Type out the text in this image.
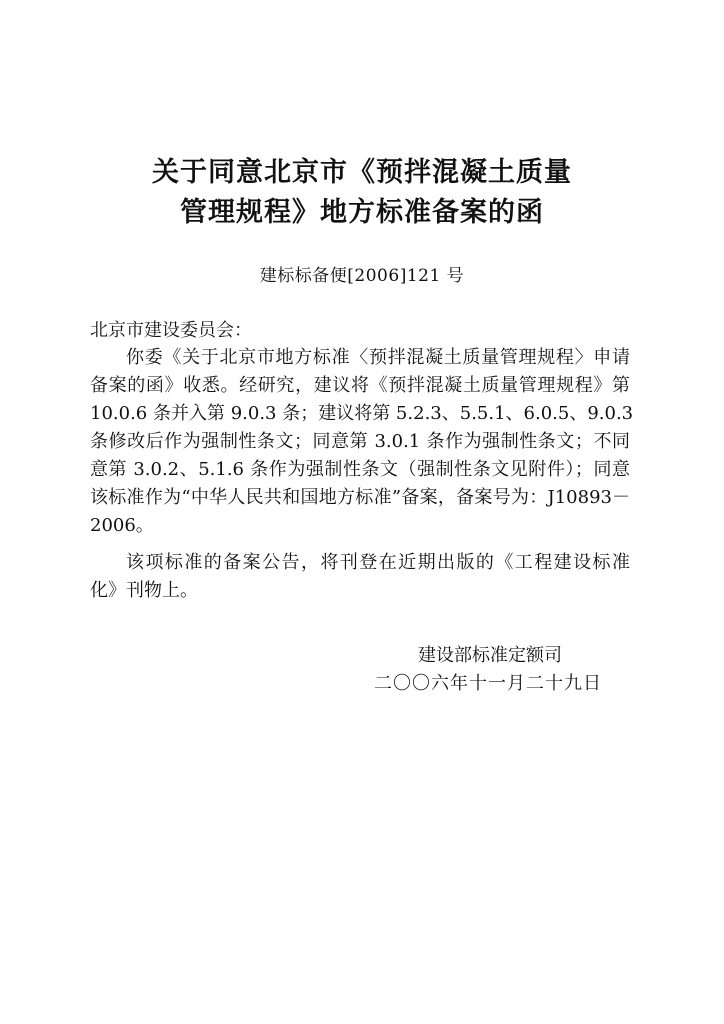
关于同意北京市《预拌混凝土质量
管理规程》地方标准备案的函
建标标备便[2006]121 号
北京市建设委员会：
你委《关于北京市地方标准〈预拌混凝土质量管理规程〉申请
备案的函》收悉。经研究，建议将《预拌混凝土质量管理规程》第
10.0.6 条并入第 9.0.3 条；建议将第 5.2.3、5.5.1、6.0.5、9.0.3
条修改后作为强制性条文；同意第 3.0.1 条作为强制性条文；不同
意第 3.0.2、5.1.6 条作为强制性条文（强制性条文见附件）；同意
该标准作为“中华人民共和国地方标准”备案，备案号为：J10893－
2006。
该项标准的备案公告，将刊登在近期出版的《工程建设标准
化》刊物上。
建设部标准定额司
二〇〇六年十一月二十九日
